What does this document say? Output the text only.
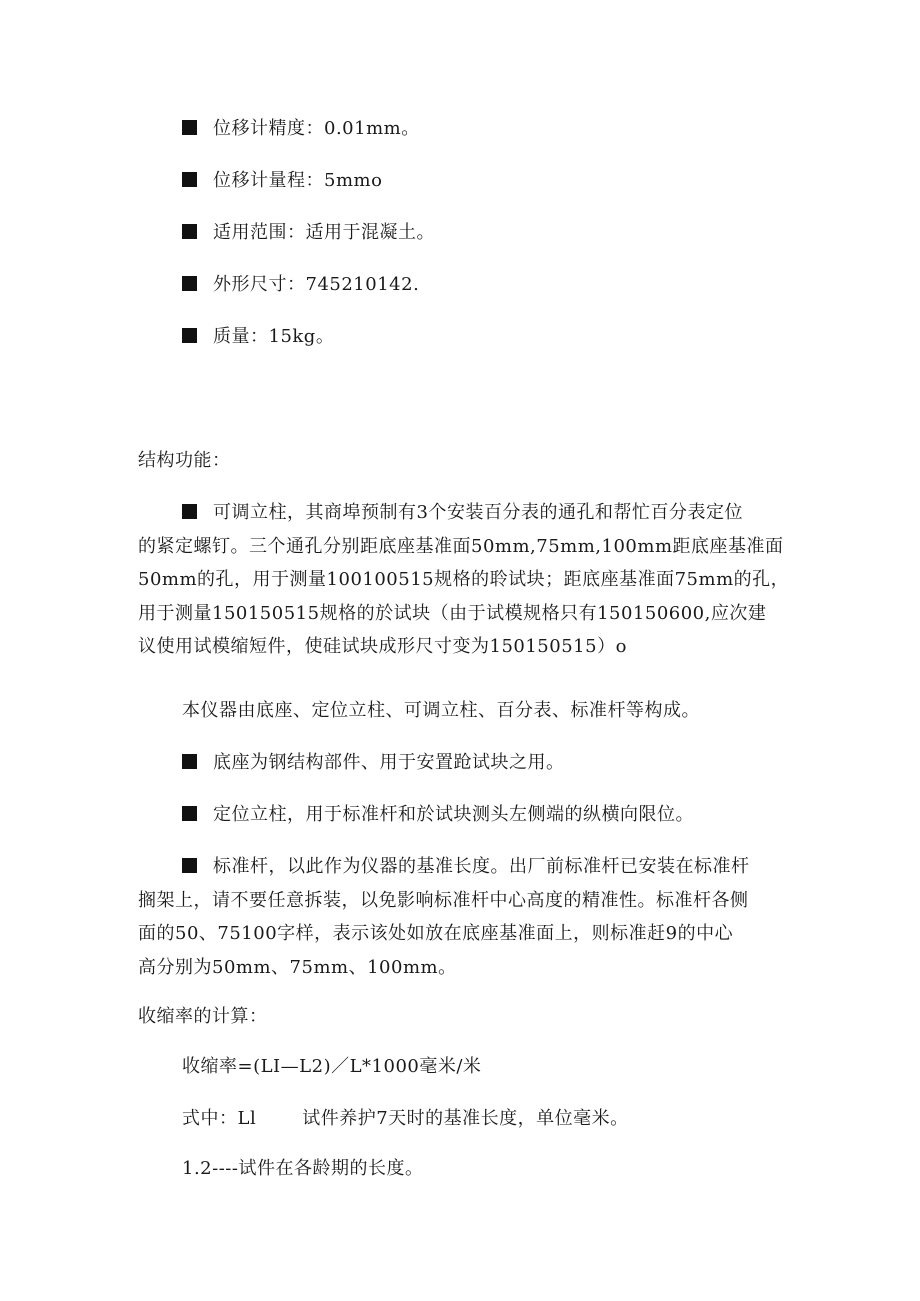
位移计精度：0.01mm。
位移计量程：5mmo
适用范围：适用于混凝土。
外形尺寸：745210142.
质量：15kg。
结构功能：
可调立柱，其商埠预制有3个安装百分表的通孔和帮忙百分表定位
的紧定螺钉。三个通孔分别距底座基准面50mm,75mm,100mm距底座基准面
50mm的孔，用于测量100100515规格的聆试块；距底座基准面75mm的孔，
用于测量150150515规格的於试块（由于试模规格只有150150600,应次建
议使用试模缩短件，使硅试块成形尺寸变为150150515）o
本仪器由底座、定位立柱、可调立柱、百分表、标准杆等构成。
底座为钢结构部件、用于安置跄试块之用。
定位立柱，用于标准杆和於试块测头左侧端的纵横向限位。
标准杆，以此作为仪器的基准长度。出厂前标准杆已安装在标准杆
搁架上，请不要任意拆装，以免影响标准杆中心高度的精准性。标准杆各侧
面的50、75100字样，表示该处如放在底座基准面上，则标准赶9的中心
高分别为50mm、75mm、100mm。
收缩率的计算：
收缩率=(LI—L2)／L*1000毫米/米
式中：Ll	试件养护7天时的基准长度，单位毫米。
1.2----试件在各龄期的长度。
